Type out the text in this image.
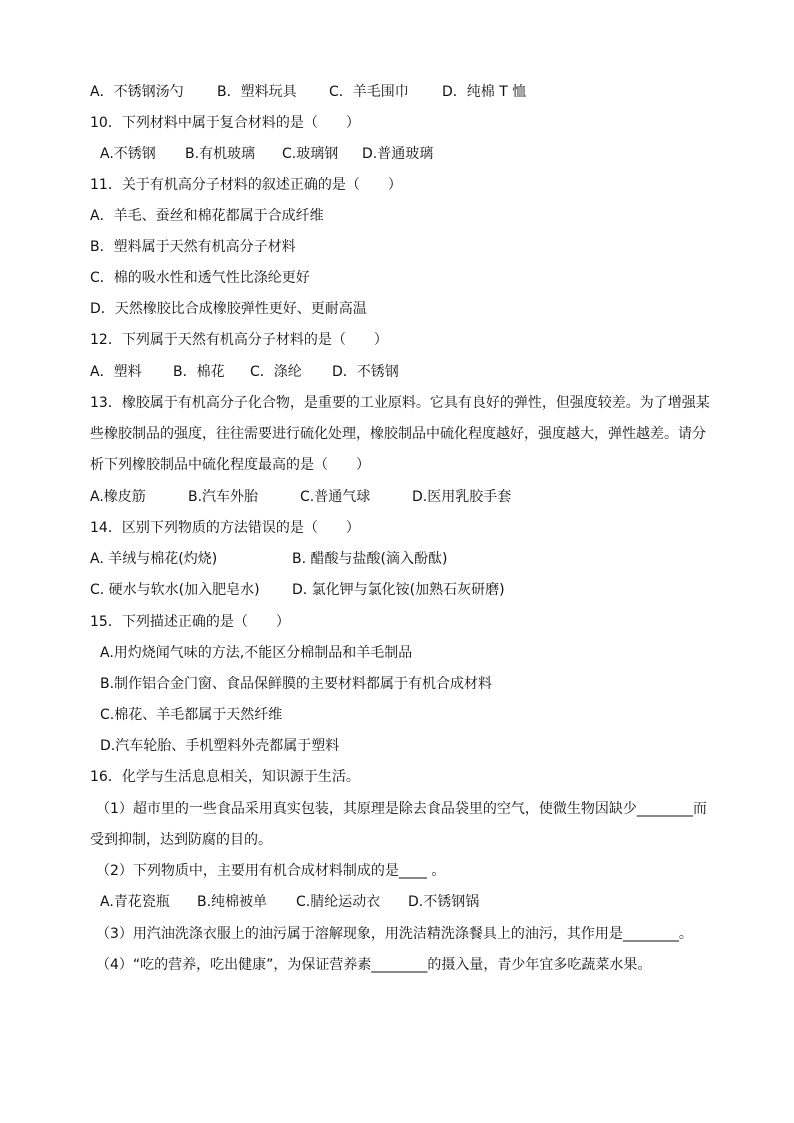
A．不锈钢汤勺 B．塑料玩具 C．羊毛围巾 D．纯棉 T 恤
10．下列材料中属于复合材料的是（　　）
A.不锈钢 B.有机玻璃 C.玻璃钢 D.普通玻璃
11．关于有机高分子材料的叙述正确的是（　　）
A．羊毛、蚕丝和棉花都属于合成纤维
B．塑料属于天然有机高分子材料
C．棉的吸水性和透气性比涤纶更好
D．天然橡胶比合成橡胶弹性更好、更耐高温
12．下列属于天然有机高分子材料的是（　　）
A．塑料 B．棉花 C．涤纶 D．不锈钢
13．橡胶属于有机高分子化合物，是重要的工业原料。它具有良好的弹性，但强度较差。为了增强某
些橡胶制品的强度，往往需要进行硫化处理，橡胶制品中硫化程度越好，强度越大，弹性越差。请分
析下列橡胶制品中硫化程度最高的是（　　）
A.橡皮筋	B.汽车外胎	C.普通气球	D.医用乳胶手套
14．区别下列物质的方法错误的是（　　）
A. 羊绒与棉花(灼烧)	B. 醋酸与盐酸(滴入酚酞)
C. 硬水与软水(加入肥皂水) D. 氯化钾与氯化铵(加熟石灰研磨)
15．下列描述正确的是（　　）
A.用灼烧闻气味的方法,不能区分棉制品和羊毛制品
B.制作铝合金门窗、食品保鲜膜的主要材料都属于有机合成材料
C.棉花、羊毛都属于天然纤维
D.汽车轮胎、手机塑料外壳都属于塑料
16．化学与生活息息相关，知识源于生活。
（1）超市里的一些食品采用真实包装，其原理是除去食品袋里的空气，使微生物因缺少________而
受到抑制，达到防腐的目的。
（2）下列物质中，主要用有机合成材料制成的是____ 。
A.青花瓷瓶 B.纯棉被单 C.腈纶运动衣 D.不锈钢锅
（3）用汽油洗涤衣服上的油污属于溶解现象，用洗洁精洗涤餐具上的油污，其作用是________。
（4）“吃的营养，吃出健康”，为保证营养素________的摄入量，青少年宜多吃蔬菜水果。
